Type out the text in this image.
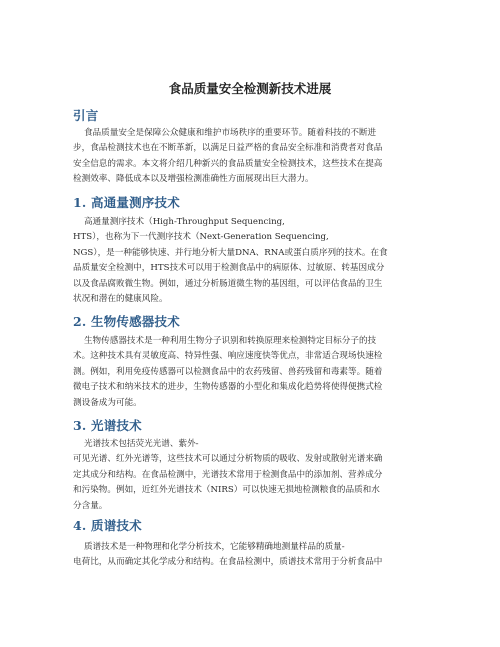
食品质量安全检测新技术进展
引言

食品质量安全是保障公众健康和维护市场秩序的重要环节。随着科技的不断进
步，食品检测技术也在不断革新，以满足日益严格的食品安全标准和消费者对食品
安全信息的需求。本文将介绍几种新兴的食品质量安全检测技术，这些技术在提高
检测效率、降低成本以及增强检测准确性方面展现出巨大潜力。

1. 高通量测序技术

高通量测序技术（High-Throughput Sequencing,
HTS），也称为下一代测序技术（Next-Generation Sequencing,
NGS），是一种能够快速、并行地分析大量DNA、RNA或蛋白质序列的技术。在食
品质量安全检测中，HTS技术可以用于检测食品中的病原体、过敏原、转基因成分
以及食品腐败微生物。例如，通过分析肠道微生物的基因组，可以评估食品的卫生
状况和潜在的健康风险。

2. 生物传感器技术

生物传感器技术是一种利用生物分子识别和转换原理来检测特定目标分子的技
术。这种技术具有灵敏度高、特异性强、响应速度快等优点，非常适合现场快速检
测。例如，利用免疫传感器可以检测食品中的农药残留、兽药残留和毒素等。随着
微电子技术和纳米技术的进步，生物传感器的小型化和集成化趋势将使得便携式检
测设备成为可能。

3. 光谱技术

光谱技术包括荧光光谱、紫外-
可见光谱、红外光谱等，这些技术可以通过分析物质的吸收、发射或散射光谱来确
定其成分和结构。在食品检测中，光谱技术常用于检测食品中的添加剂、营养成分
和污染物。例如，近红外光谱技术（NIRS）可以快速无损地检测粮食的品质和水
分含量。

4. 质谱技术

质谱技术是一种物理和化学分析技术，它能够精确地测量样品的质量-
电荷比，从而确定其化学成分和结构。在食品检测中，质谱技术常用于分析食品中
